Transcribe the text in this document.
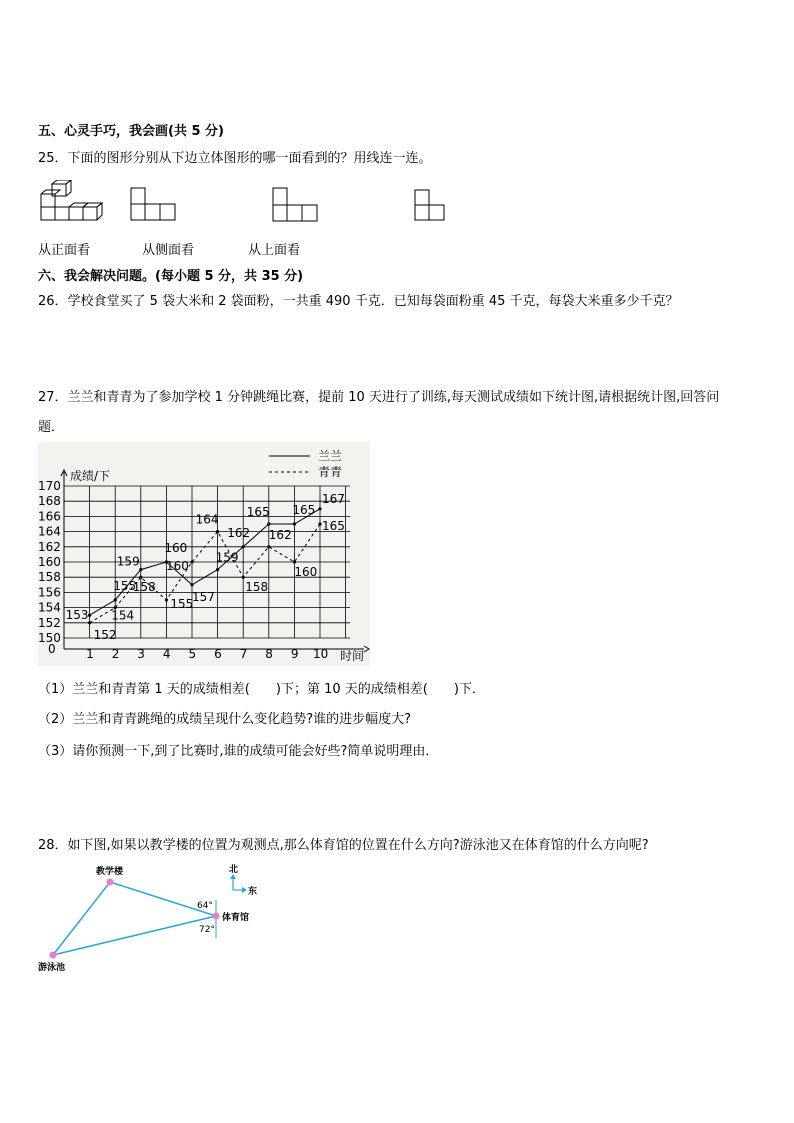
五、心灵手巧，我会画(共 5 分)
25．下面的图形分别从下边立体图形的哪一面看到的？用线连一连。
从正面看	从侧面看	从上面看
六、我会解决问题。(每小题 5 分，共 35 分)
26．学校食堂买了 5 袋大米和 2 袋面粉，一共重 490 千克．已知每袋面粉重 45 千克，每袋大米重多少千克？
27．兰兰和青青为了参加学校 1 分钟跳绳比赛，提前 10 天进行了训练,每天测试成绩如下统计图,请根据统计图,回答问
题．
0
150
152
154
156
158
160
162
164
166
168
170
1 2 3 4 5 6 7 8 9 10
153
155
159
160
157
159
162
165 165
167
152
154
158
155
160
164
158
162
160
165
兰兰
青青
成绩/下
时间
（1）兰兰和青青第 1 天的成绩相差(　　)下；第 10 天的成绩相差(　　)下．
（2）兰兰和青青跳绳的成绩呈现什么变化趋势?谁的进步幅度大?
（3）请你预测一下,到了比赛时,谁的成绩可能会好些?简单说明理由．
28．如下图,如果以教学楼的位置为观测点,那么体育馆的位置在什么方向?游泳池又在体育馆的什么方向呢?
教学楼
体育馆
游泳池
64°
72°
北
东
